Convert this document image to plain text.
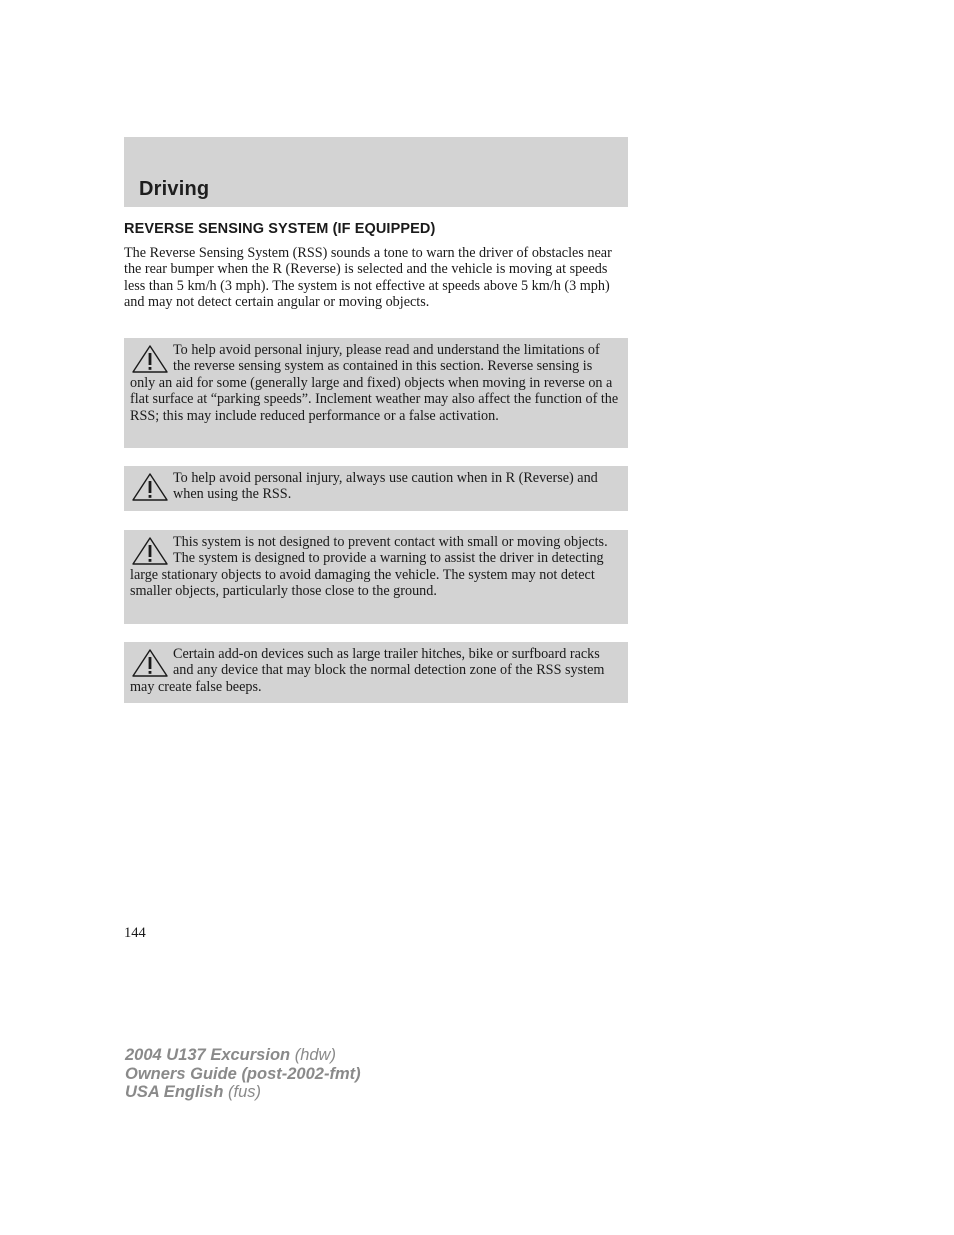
Driving
REVERSE SENSING SYSTEM (IF EQUIPPED)
The Reverse Sensing System (RSS) sounds a tone to warn the driver of obstacles near the rear bumper when the R (Reverse) is selected and the vehicle is moving at speeds less than 5 km/h (3 mph). The system is not effective at speeds above 5 km/h (3 mph) and may not detect certain angular or moving objects.

To help avoid personal injury, please read and understand the limitations of the reverse sensing system as contained in this section. Reverse sensing is only an aid for some (generally large and fixed) objects when moving in reverse on a flat surface at “parking speeds”. Inclement weather may also affect the function of the RSS; this may include reduced performance or a false activation.

To help avoid personal injury, always use caution when in R (Reverse) and when using the RSS.

This system is not designed to prevent contact with small or moving objects. The system is designed to provide a warning to assist the driver in detecting large stationary objects to avoid damaging the vehicle. The system may not detect smaller objects, particularly those close to the ground.

Certain add-on devices such as large trailer hitches, bike or surfboard racks and any device that may block the normal detection zone of the RSS system may create false beeps.

144
2004 U137 Excursion (hdw)
Owners Guide (post-2002-fmt)
USA English (fus)
